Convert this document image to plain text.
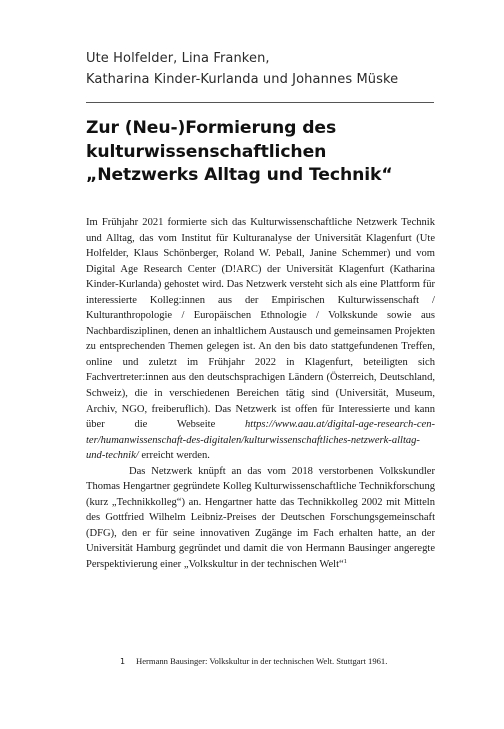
Ute Holfelder, Lina Franken,
Katharina Kinder-Kurlanda und Johannes Müske
Zur (Neu-)Formierung des
kulturwissenschaftlichen
„Netzwerks Alltag und Technik“

Im Frühjahr 2021 formierte sich das Kulturwissenschaftliche Netzwerk Technik und Alltag, das vom Institut für Kulturanalyse der Universität Klagenfurt (Ute Holfelder, Klaus Schönberger, Roland W. Peball, Janine Schemmer) und vom Digital Age Research Center (D!ARC) der Universität Klagenfurt (Katharina Kinder-Kurlanda) gehostet wird. Das Netzwerk versteht sich als eine Plattform für interessierte Kolleg:innen aus der Empirischen Kulturwissenschaft / Kulturanthropologie / Europäischen Ethnologie / Volkskunde sowie aus Nachbardisziplinen, denen an inhaltlichem Austausch und gemeinsamen Projekten zu entsprechenden Themen gelegen ist. An den bis dato stattgefundenen Treffen, online und zuletzt im Frühjahr 2022 in Klagenfurt, beteiligten sich Fachvertreter:innen aus den deutschsprachigen Ländern (Österreich, Deutschland, Schweiz), die in verschiedenen Bereichen tätig sind (Universität, Museum, Archiv, NGO, freiberuflich). Das Netzwerk ist offen für Interessierte und kann über die Webseite	https://www.aau.at/digital-age-research-center/humanwissenschaft-des-digitalen/kulturwissenschaftliches-netzwerk-alltag-und-technik/ erreicht werden.

Das Netzwerk knüpft an das vom 2018 verstorbenen Volkskundler Thomas Hengartner gegründete Kolleg Kulturwissenschaftliche Technikforschung (kurz „Technikkolleg“) an. Hengartner hatte das Technikkolleg 2002 mit Mitteln des Gottfried Wilhelm Leibniz-Preises der Deutschen Forschungsgemeinschaft (DFG), den er für seine innovativen Zugänge im Fach erhalten hatte, an der Universität Hamburg gegründet und damit die von Hermann Bausinger angeregte Perspektivierung einer „Volkskultur in der technischen Welt“$^1$

1 Hermann Bausinger: Volkskultur in der technischen Welt. Stuttgart 1961.
